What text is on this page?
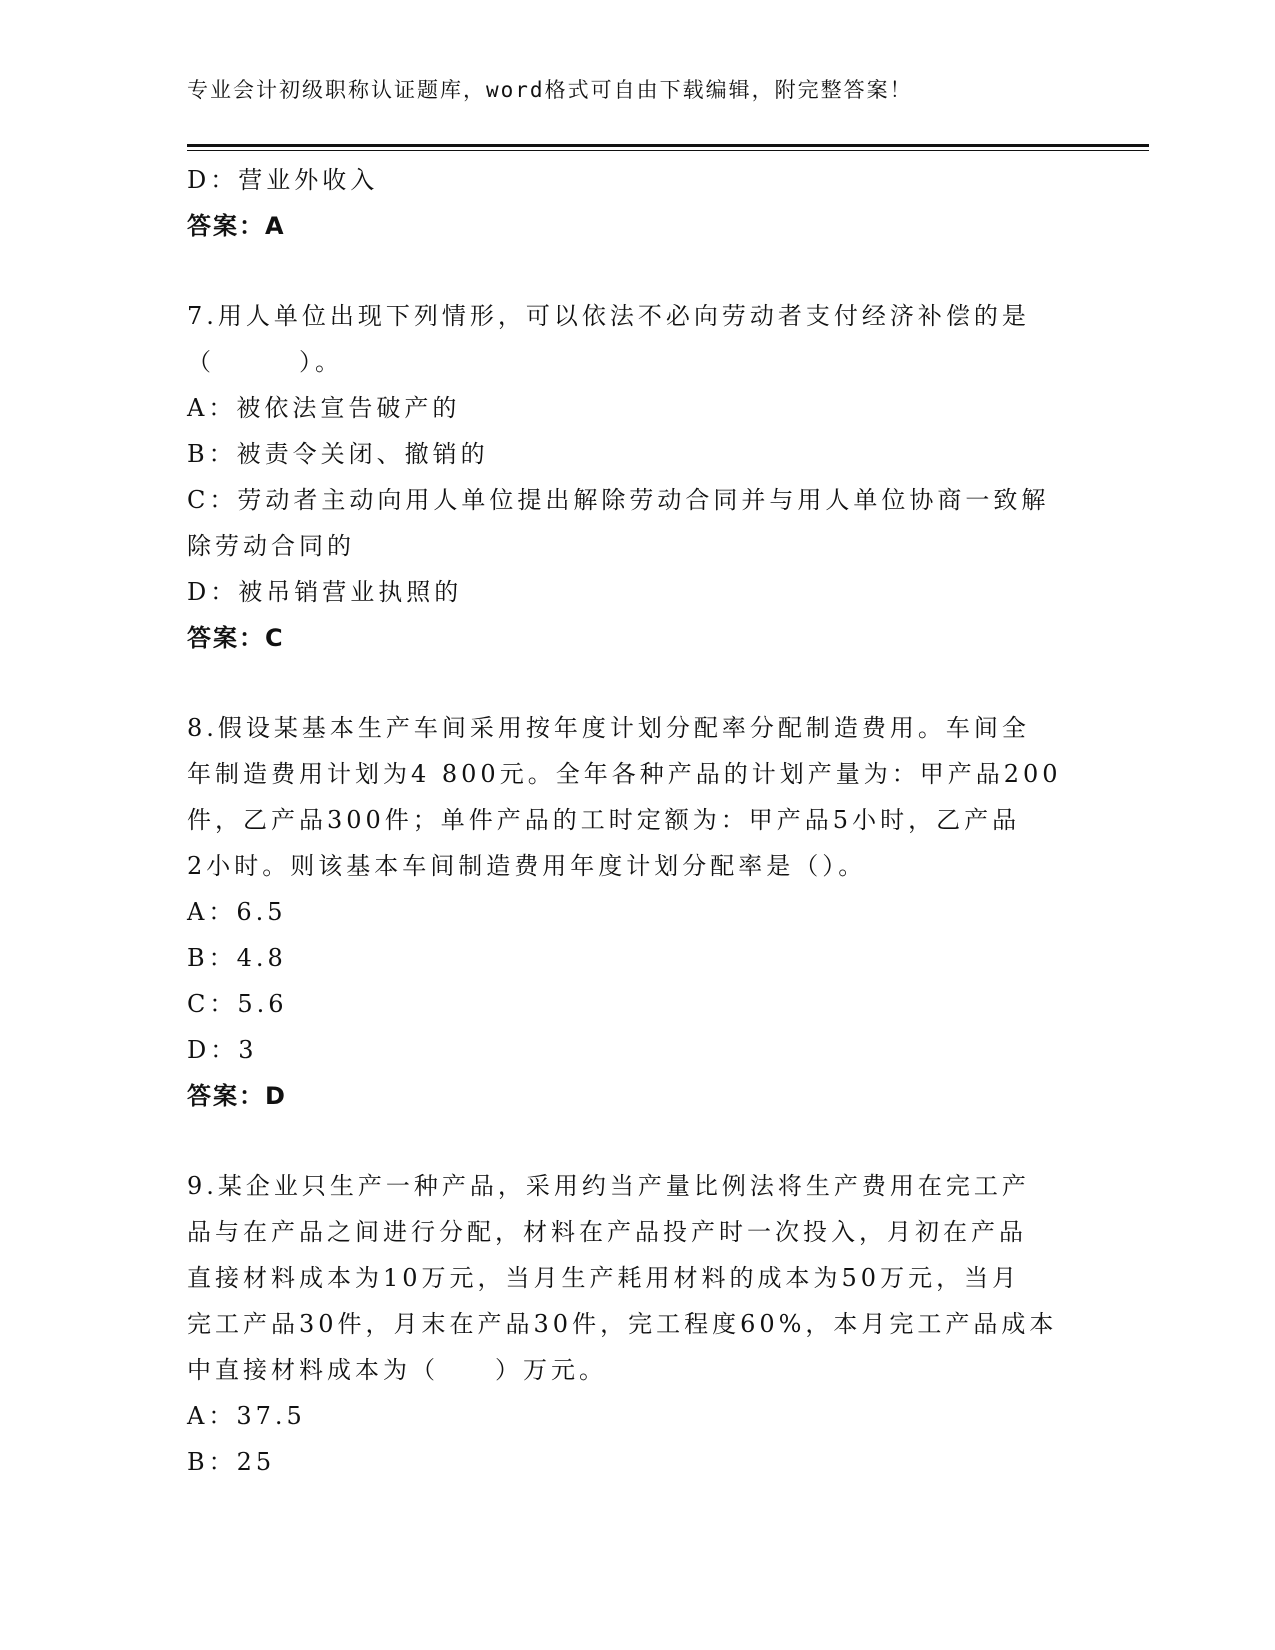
专业会计初级职称认证题库，word格式可自由下载编辑，附完整答案！

D：营业外收入

答案：A

7.用人单位出现下列情形，可以依法不必向劳动者支付经济补偿的是

（　　　）。

A：被依法宣告破产的

B：被责令关闭、撤销的

C：劳动者主动向用人单位提出解除劳动合同并与用人单位协商一致解

除劳动合同的

D：被吊销营业执照的

答案：C

8.假设某基本生产车间采用按年度计划分配率分配制造费用。车间全

年制造费用计划为4 800元。全年各种产品的计划产量为：甲产品200

件，乙产品300件；单件产品的工时定额为：甲产品5小时，乙产品

2小时。则该基本车间制造费用年度计划分配率是（）。

A：6.5

B：4.8

C：5.6

D：3

答案：D

9.某企业只生产一种产品，采用约当产量比例法将生产费用在完工产

品与在产品之间进行分配，材料在产品投产时一次投入，月初在产品

直接材料成本为10万元，当月生产耗用材料的成本为50万元，当月

完工产品30件，月末在产品30件，完工程度60%，本月完工产品成本

中直接材料成本为（　　）万元。

A：37.5

B：25
